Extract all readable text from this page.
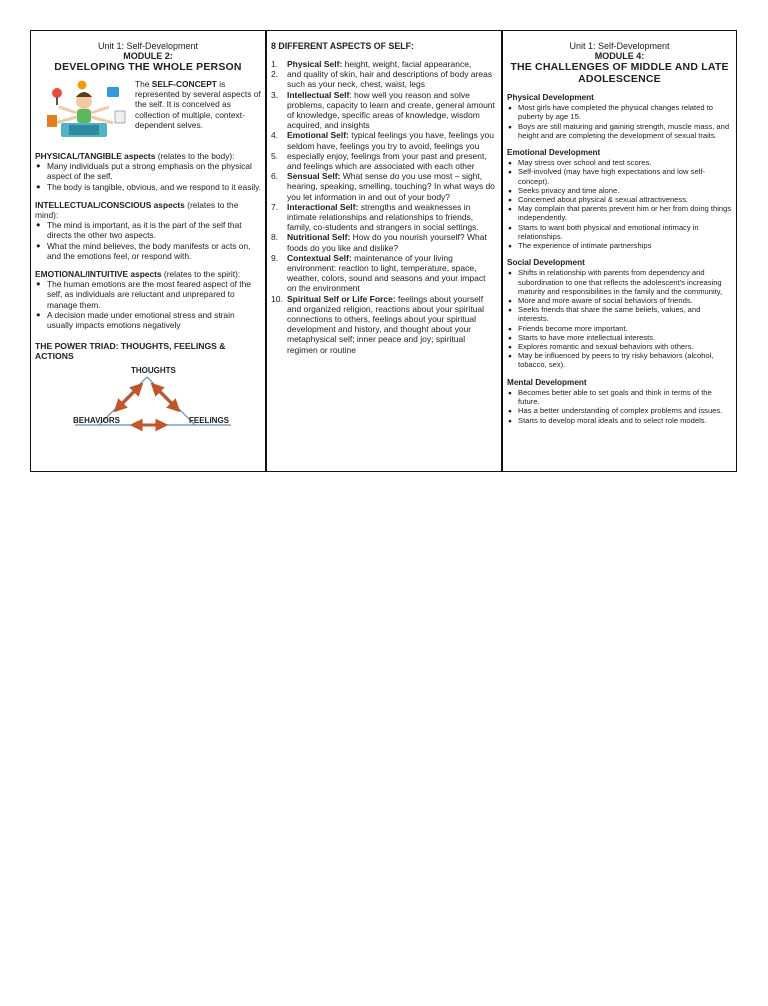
Unit 1: Self-Development
MODULE 2:
DEVELOPING THE WHOLE PERSON
The SELF-CONCEPT is represented by several aspects of the self. It is conceived as collection of multiple, context-dependent selves.
PHYSICAL/TANGIBLE aspects (relates to the body):
● Many individuals put a strong emphasis on the physical aspect of the self.
● The body is tangible, obvious, and we respond to it easily.
INTELLECTUAL/CONSCIOUS aspects (relates to the mind):
● The mind is important, as it is the part of the self that directs the other two aspects.
● What the mind believes, the body manifests or acts on, and the emotions feel, or respond with.
EMOTIONAL/INTUITIVE aspects (relates to the spirit):
● The human emotions are the most feared aspect of the self, as individuals are reluctant and unprepared to manage them.
● A decision made under emotional stress and strain usually impacts emotions negatively
THE POWER TRIAD: THOUGHTS, FEELINGS & ACTIONS
THOUGHTS
BEHAVIORS	FEELINGS
8 DIFFERENT ASPECTS OF SELF:
1. Physical Self: height, weight, facial appearance,
2. and quality of skin, hair and descriptions of body areas such as your neck, chest, waist, legs
3. Intellectual Self: how well you reason and solve problems, capacity to learn and create, general amount of knowledge, specific areas of knowledge, wisdom acquired, and insights
4. Emotional Self: typical feelings you have, feelings you seldom have, feelings you try to avoid, feelings you
5. especially enjoy, feelings from your past and present, and feelings which are associated with each other
6. Sensual Self: What sense do you use most – sight, hearing, speaking, smelling, touching? In what ways do you let information in and out of your body?
7. Interactional Self: strengths and weaknesses in intimate relationships and relationships to friends, family, co-students and strangers in social settings.
8. Nutritional Self: How do you nourish yourself? What foods do you like and dislike?
9. Contextual Self: maintenance of your living environment: reaction to light, temperature, space, weather, colors, sound and seasons and your impact on the environment
10. Spiritual Self or Life Force: feelings about yourself and organized religion, reactions about your spiritual connections to others, feelings about your spiritual development and history, and thought about your metaphysical self; inner peace and joy; spiritual regimen or routine
Unit 1: Self-Development
MODULE 4:
THE CHALLENGES OF MIDDLE AND LATE ADOLESCENCE
Physical Development
● Most girls have completed the physical changes related to puberty by age 15.
● Boys are still maturing and gaining strength, muscle mass, and height and are completing the development of sexual traits.
Emotional Development
● May stress over school and test scores.
● Self-involved (may have high expectations and low self-concept).
● Seeks privacy and time alone.
● Concerned about physical & sexual attractiveness.
● May complain that parents prevent him or her from doing things independently.
● Starts to want both physical and emotional intimacy in relationships.
● The experience of intimate partnerships
Social Development
● Shifts in relationship with parents from dependency and subordination to one that reflects the adolescent's increasing maturity and responsibilities in the family and the community,
● More and more aware of social behaviors of friends.
● Seeks friends that share the same beliefs, values, and interests.
● Friends become more important.
● Starts to have more intellectual interests.
● Explores romantic and sexual behaviors with others.
● May be influenced by peers to try risky behaviors (alcohol, tobacco, sex).
Mental Development
● Becomes better able to set goals and think in terms of the future.
● Has a better understanding of complex problems and issues.
● Starts to develop moral ideals and to select role models.
